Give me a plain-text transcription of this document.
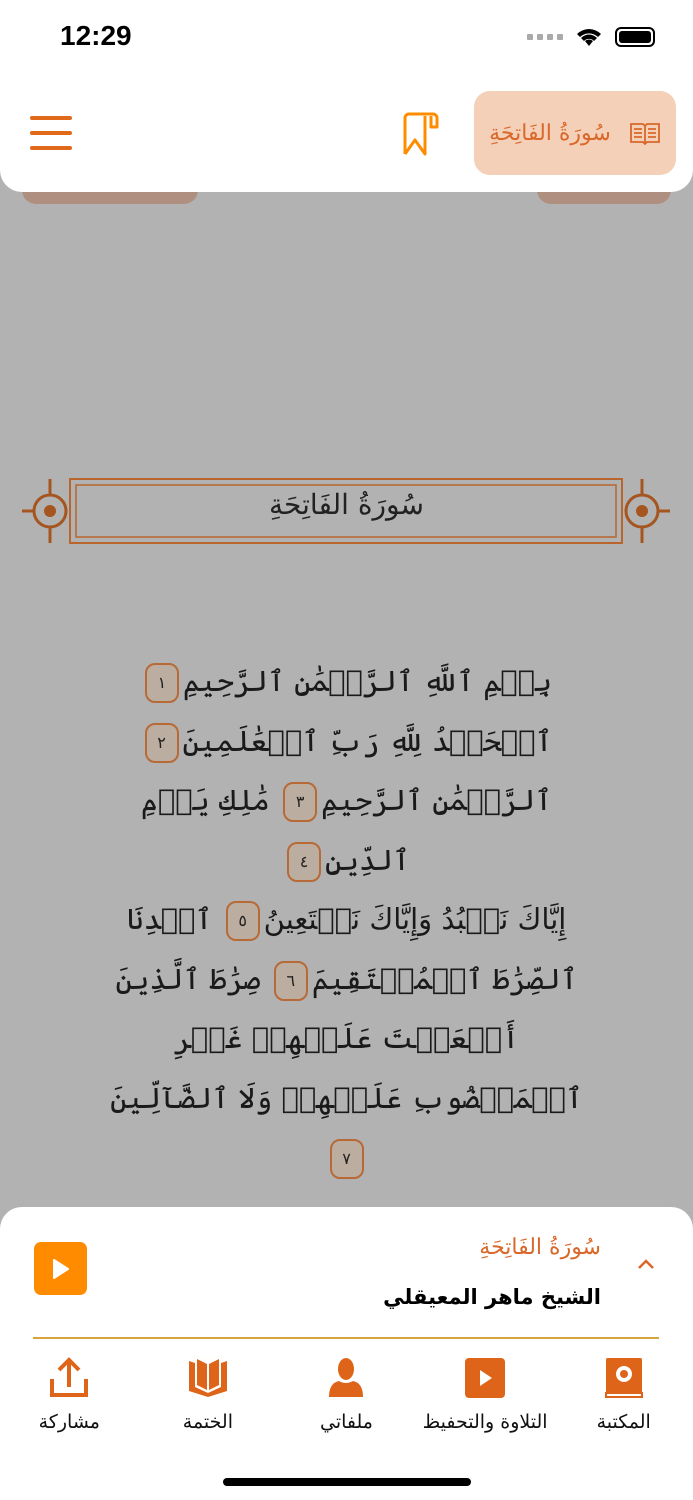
12:29
سُورَةُ الفَاتِحَةِ
سُورَةُ الفَاتِحَةِ
بِسۡمِ ٱللَّهِ ٱلرَّحۡمَٰنِ ٱلرَّحِيمِ١
ٱلۡحَمۡدُ لِلَّهِ رَبِّ ٱلۡعَٰلَمِينَ٢
ٱلرَّحۡمَٰنِ ٱلرَّحِيمِ٣ مَٰلِكِ يَوۡمِ ٱلدِّينِ٤
إِيَّاكَ نَعۡبُدُ وَإِيَّاكَ نَسۡتَعِينُ٥ ٱهۡدِنَا ٱلصِّرَٰطَ ٱلۡمُسۡتَقِيمَ٦ صِرَٰطَ ٱلَّذِينَ أَنۡعَمۡتَ عَلَيۡهِمۡ غَيۡرِ ٱلۡمَغۡضُوبِ عَلَيۡهِمۡ وَلَا ٱلضَّآلِّينَ٧
سُورَةُ الفَاتِحَةِ
الشيخ ماهر المعيقلي
مشاركة	الختمة	ملفاتي	التلاوة والتحفيظ	المكتبة
